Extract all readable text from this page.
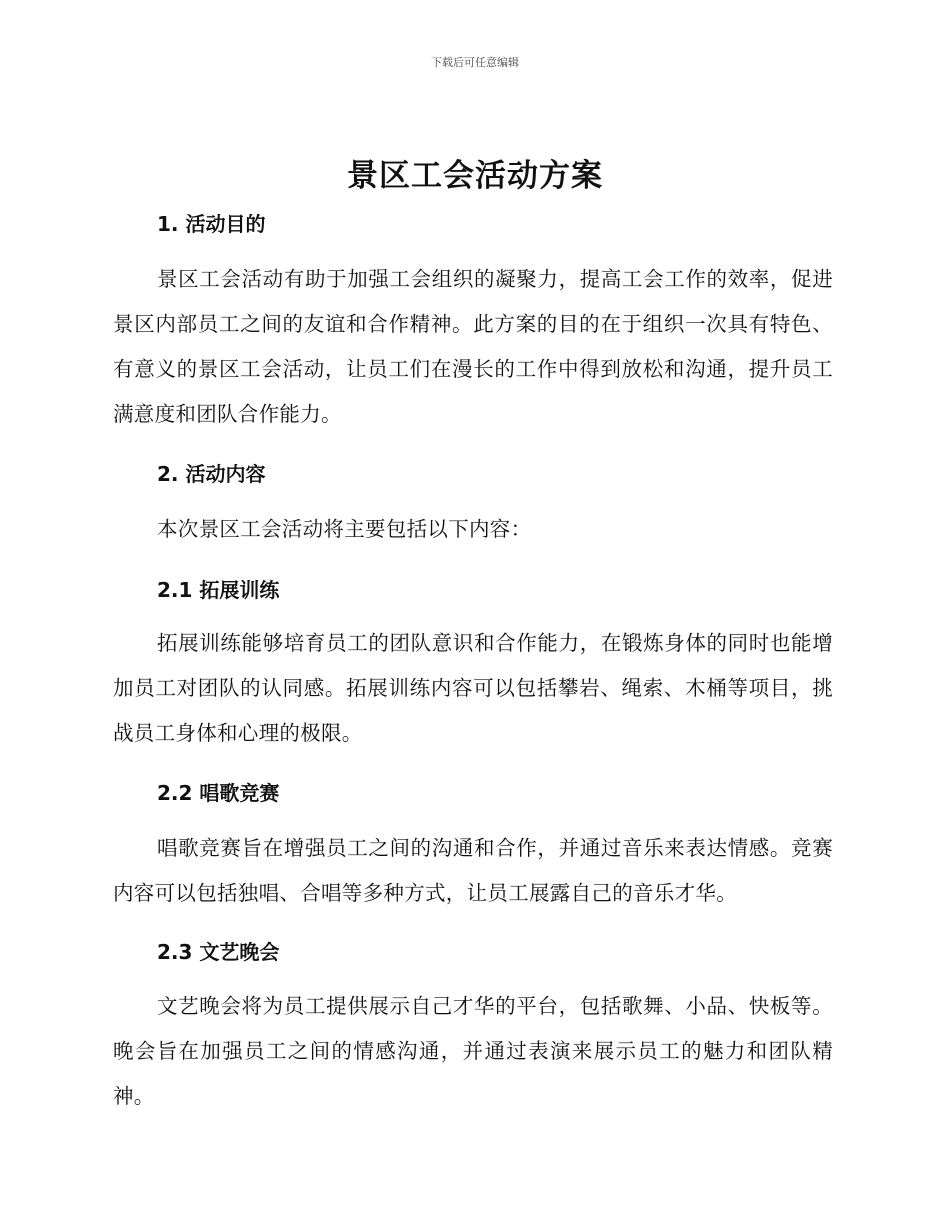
下载后可任意编辑
景区工会活动方案
1. 活动目的

景区工会活动有助于加强工会组织的凝聚力，提高工会工作的效率，促进景区内部员工之间的友谊和合作精神。此方案的目的在于组织一次具有特色、有意义的景区工会活动，让员工们在漫长的工作中得到放松和沟通，提升员工满意度和团队合作能力。

2. 活动内容

本次景区工会活动将主要包括以下内容：

2.1 拓展训练

拓展训练能够培育员工的团队意识和合作能力，在锻炼身体的同时也能增加员工对团队的认同感。拓展训练内容可以包括攀岩、绳索、木桶等项目，挑战员工身体和心理的极限。

2.2 唱歌竞赛

唱歌竞赛旨在增强员工之间的沟通和合作，并通过音乐来表达情感。竞赛内容可以包括独唱、合唱等多种方式，让员工展露自己的音乐才华。

2.3 文艺晚会

文艺晚会将为员工提供展示自己才华的平台，包括歌舞、小品、快板等。晚会旨在加强员工之间的情感沟通，并通过表演来展示员工的魅力和团队精神。
